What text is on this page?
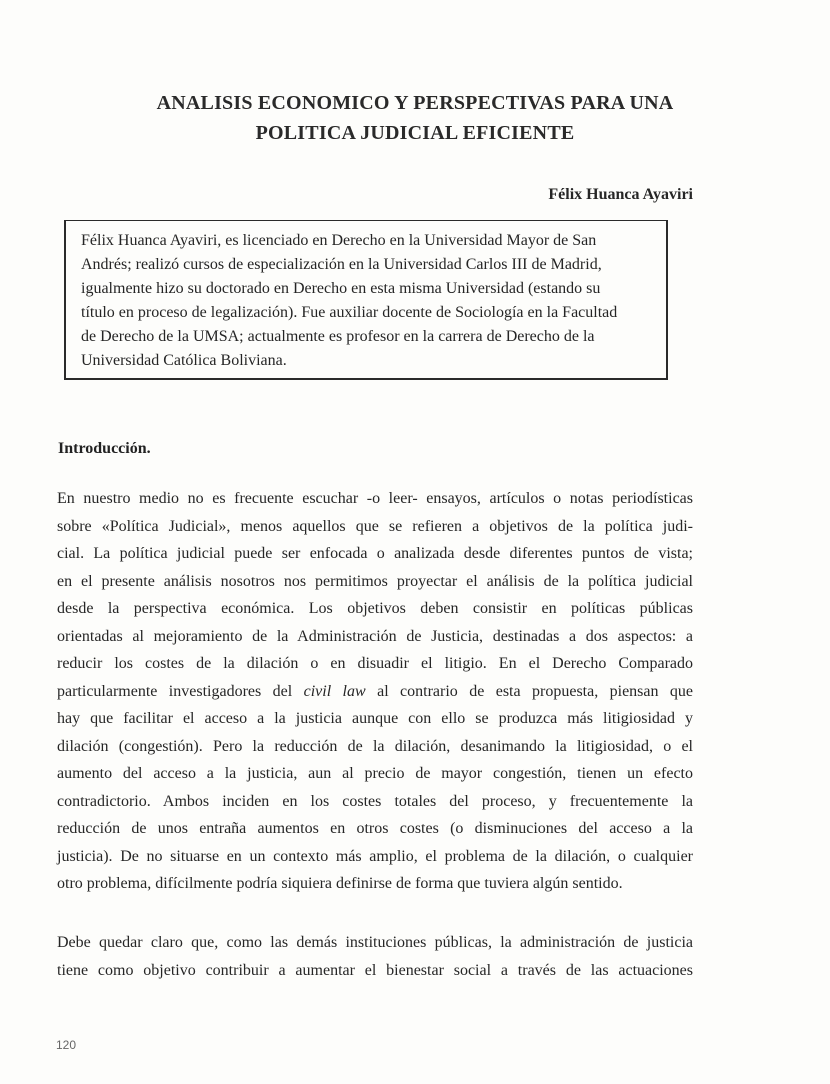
ANALISIS ECONOMICO Y PERSPECTIVAS PARA UNA
POLITICA JUDICIAL EFICIENTE
Félix Huanca Ayaviri
Félix Huanca Ayaviri, es licenciado en Derecho en la Universidad Mayor de San
Andrés; realizó cursos de especialización en la Universidad Carlos III de Madrid,
igualmente hizo su doctorado en Derecho en esta misma Universidad (estando su
título en proceso de legalización). Fue auxiliar docente de Sociología en la Facultad
de Derecho de la UMSA; actualmente es profesor en la carrera de Derecho de la
Universidad Católica Boliviana.
Introducción.
En nuestro medio no es frecuente escuchar -o leer- ensayos, artículos o notas periodísticas
sobre «Política Judicial», menos aquellos que se refieren a objetivos de la política judi-
cial. La política judicial puede ser enfocada o analizada desde diferentes puntos de vista;
en el presente análisis nosotros nos permitimos proyectar el análisis de la política judicial
desde la perspectiva económica. Los objetivos deben consistir en políticas públicas
orientadas al mejoramiento de la Administración de Justicia, destinadas a dos aspectos: a
reducir los costes de la dilación o en disuadir el litigio. En el Derecho Comparado
particularmente investigadores del civil law al contrario de esta propuesta, piensan que
hay que facilitar el acceso a la justicia aunque con ello se produzca más litigiosidad y
dilación (congestión). Pero la reducción de la dilación, desanimando la litigiosidad, o el
aumento del acceso a la justicia, aun al precio de mayor congestión, tienen un efecto
contradictorio. Ambos inciden en los costes totales del proceso, y frecuentemente la
reducción de unos entraña aumentos en otros costes (o disminuciones del acceso a la
justicia). De no situarse en un contexto más amplio, el problema de la dilación, o cualquier
otro problema, difícilmente podría siquiera definirse de forma que tuviera algún sentido.
Debe quedar claro que, como las demás instituciones públicas, la administración de justicia
tiene como objetivo contribuir a aumentar el bienestar social a través de las actuaciones
120
